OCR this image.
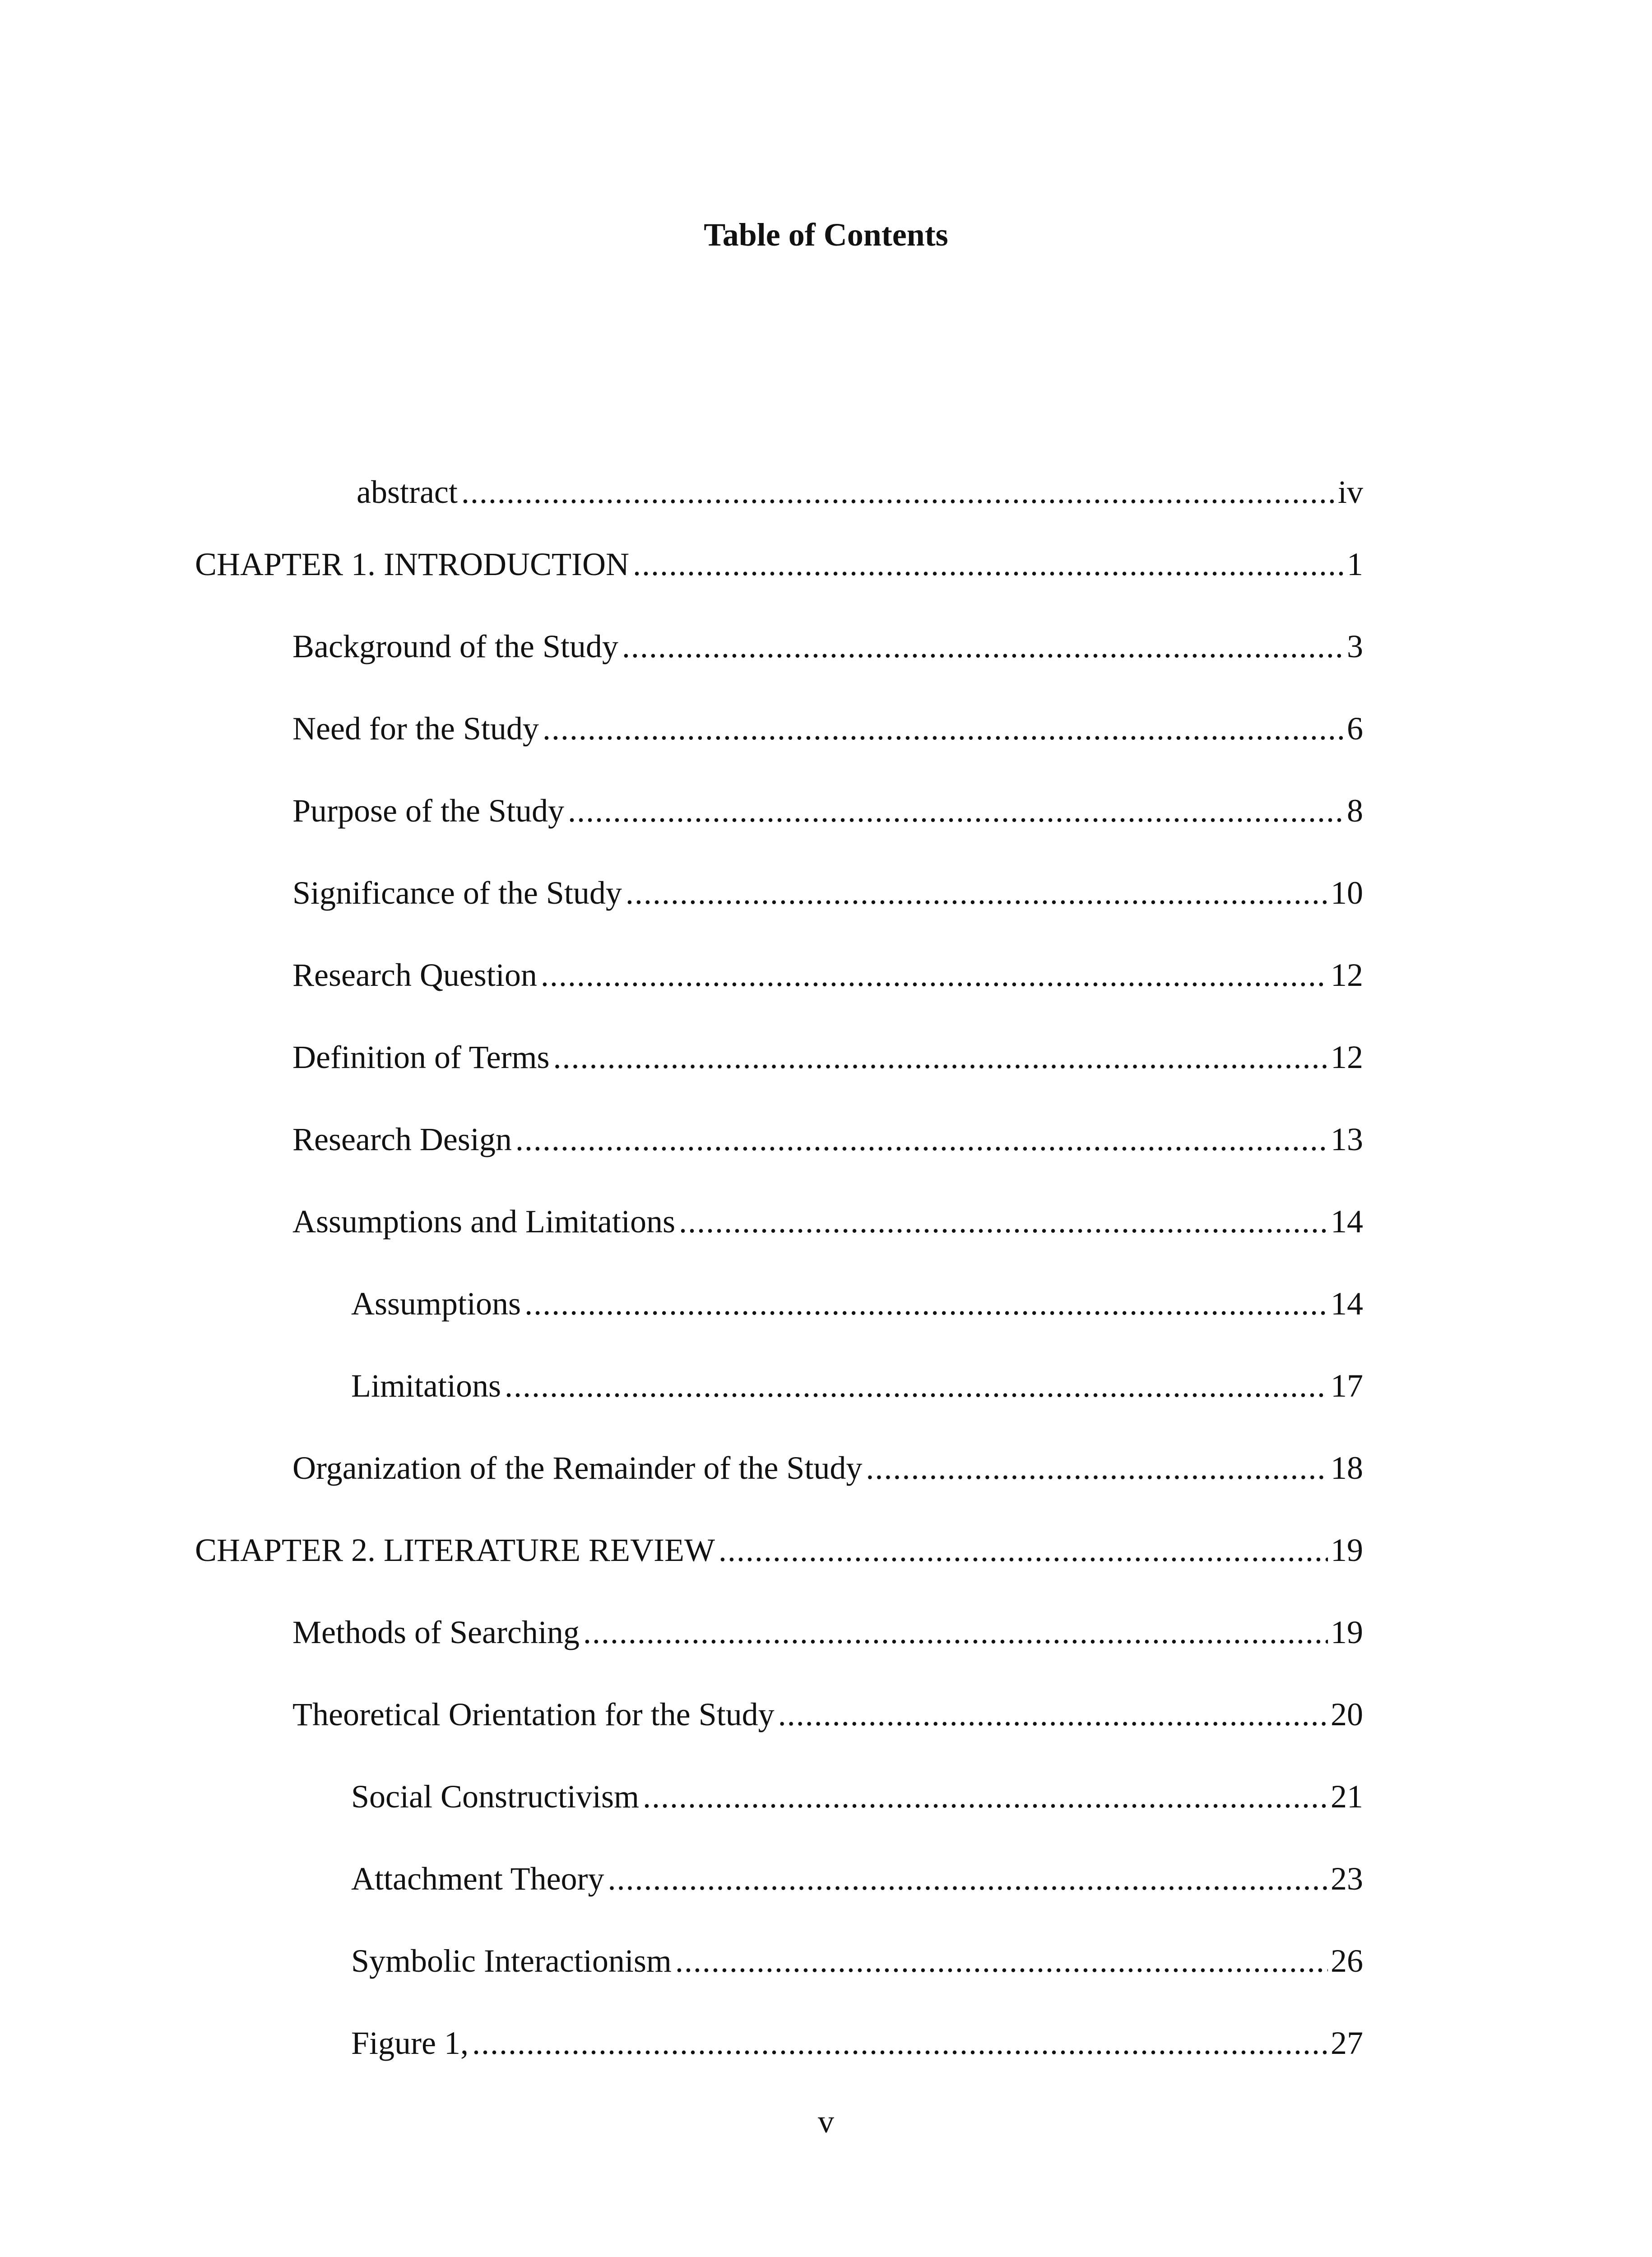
Table of Contents
abstract .....	iv
CHAPTER 1. INTRODUCTION .....	1
Background of the Study .....	3
Need for the Study .....	6
Purpose of the Study .....	8
Significance of the Study .....	10
Research Question .....	12
Definition of Terms .....	12
Research Design .....	13
Assumptions and Limitations .....	14
Assumptions .....	14
Limitations .....	17
Organization of the Remainder of the Study .....	18
CHAPTER 2. LITERATURE REVIEW .....	19
Methods of Searching .....	19
Theoretical Orientation for the Study .....	20
Social Constructivism .....	21
Attachment Theory .....	23
Symbolic Interactionism .....	26
Figure 1, .....	27
v
